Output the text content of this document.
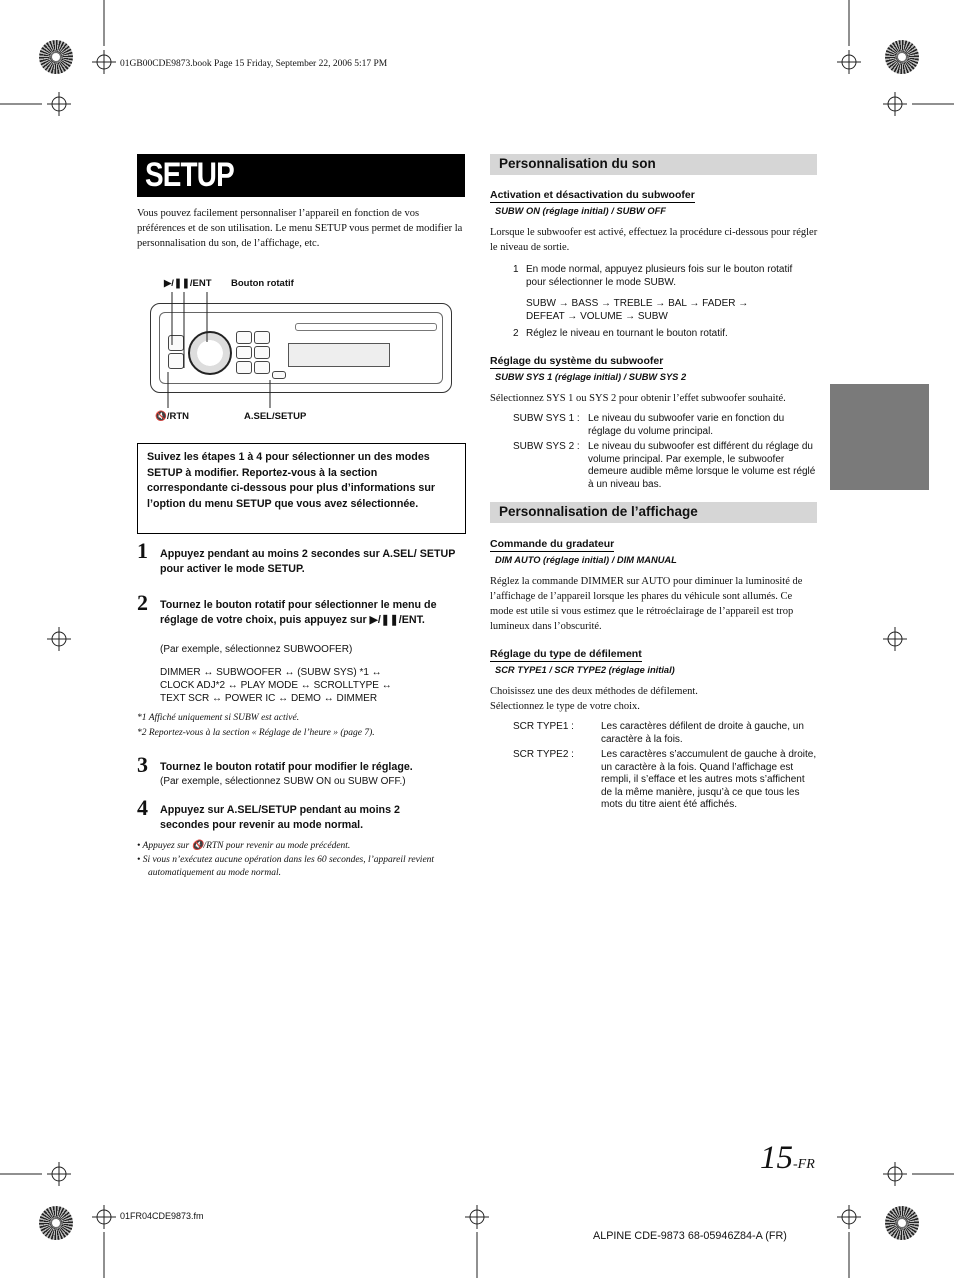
01GB00CDE9873.book Page 15 Friday, September 22, 2006 5:17 PM
SETUP
Vous pouvez facilement personnaliser l’appareil en fonction de vos préférences et de son utilisation. Le menu SETUP vous permet de modifier la personnalisation du son, de l’affichage, etc.
▶/❚❚/ENT Bouton rotatif
🔇/RTN	A.SEL/SETUP
Suivez les étapes 1 à 4 pour sélectionner un des modes SETUP à modifier. Reportez-vous à la section correspondante ci-dessous pour plus d’informations sur l’option du menu SETUP que vous avez sélectionnée.
1 Appuyez pendant au moins 2 secondes sur A.SEL/ SETUP pour activer le mode SETUP.
2 Tournez le bouton rotatif pour sélectionner le menu de réglage de votre choix, puis appuyez sur ▶/❚❚/ENT.
(Par exemple, sélectionnez SUBWOOFER)
DIMMER ↔ SUBWOOFER ↔ (SUBW SYS) *1 ↔
CLOCK ADJ*2 ↔ PLAY MODE ↔ SCROLLTYPE ↔
TEXT SCR ↔ POWER IC ↔ DEMO ↔ DIMMER
*1 Affiché uniquement si SUBW est activé.
*2 Reportez-vous à la section « Réglage de l’heure » (page 7).
3 Tournez le bouton rotatif pour modifier le réglage.
(Par exemple, sélectionnez SUBW ON ou SUBW OFF.)
4 Appuyez sur A.SEL/SETUP pendant au moins 2 secondes pour revenir au mode normal.
• Appuyez sur 🔇/RTN pour revenir au mode précédent.
• Si vous n’exécutez aucune opération dans les 60 secondes, l’appareil revient automatiquement au mode normal.
Personnalisation du son
Activation et désactivation du subwoofer
SUBW ON (réglage initial) / SUBW OFF
Lorsque le subwoofer est activé, effectuez la procédure ci-dessous pour régler le niveau de sortie.
1 En mode normal, appuyez plusieurs fois sur le bouton rotatif pour sélectionner le mode SUBW.
SUBW → BASS → TREBLE → BAL → FADER →
DEFEAT → VOLUME → SUBW
2 Réglez le niveau en tournant le bouton rotatif.
Réglage du système du subwoofer
SUBW SYS 1 (réglage initial) / SUBW SYS 2
Sélectionnez SYS 1 ou SYS 2 pour obtenir l’effet subwoofer souhaité.
SUBW SYS 1 : Le niveau du subwoofer varie en fonction du réglage du volume principal.
SUBW SYS 2 : Le niveau du subwoofer est différent du réglage du volume principal. Par exemple, le subwoofer demeure audible même lorsque le volume est réglé à un niveau bas.
Personnalisation de l’affichage
Commande du gradateur
DIM AUTO (réglage initial) / DIM MANUAL
Réglez la commande DIMMER sur AUTO pour diminuer la luminosité de l’affichage de l’appareil lorsque les phares du véhicule sont allumés. Ce mode est utile si vous estimez que le rétroéclairage de l’appareil est trop lumineux dans l’obscurité.
Réglage du type de défilement
SCR TYPE1 / SCR TYPE2 (réglage initial)
Choisissez une des deux méthodes de défilement.
Sélectionnez le type de votre choix.
SCR TYPE1 :	Les caractères défilent de droite à gauche, un caractère à la fois.
SCR TYPE2 :	Les caractères s’accumulent de gauche à droite, un caractère à la fois. Quand l’affichage est rempli, il s’efface et les autres mots s’affichent de la même manière, jusqu’à ce que tous les mots du titre aient été affichés.
15-FR
01FR04CDE9873.fm
ALPINE CDE-9873 68-05946Z84-A (FR)
